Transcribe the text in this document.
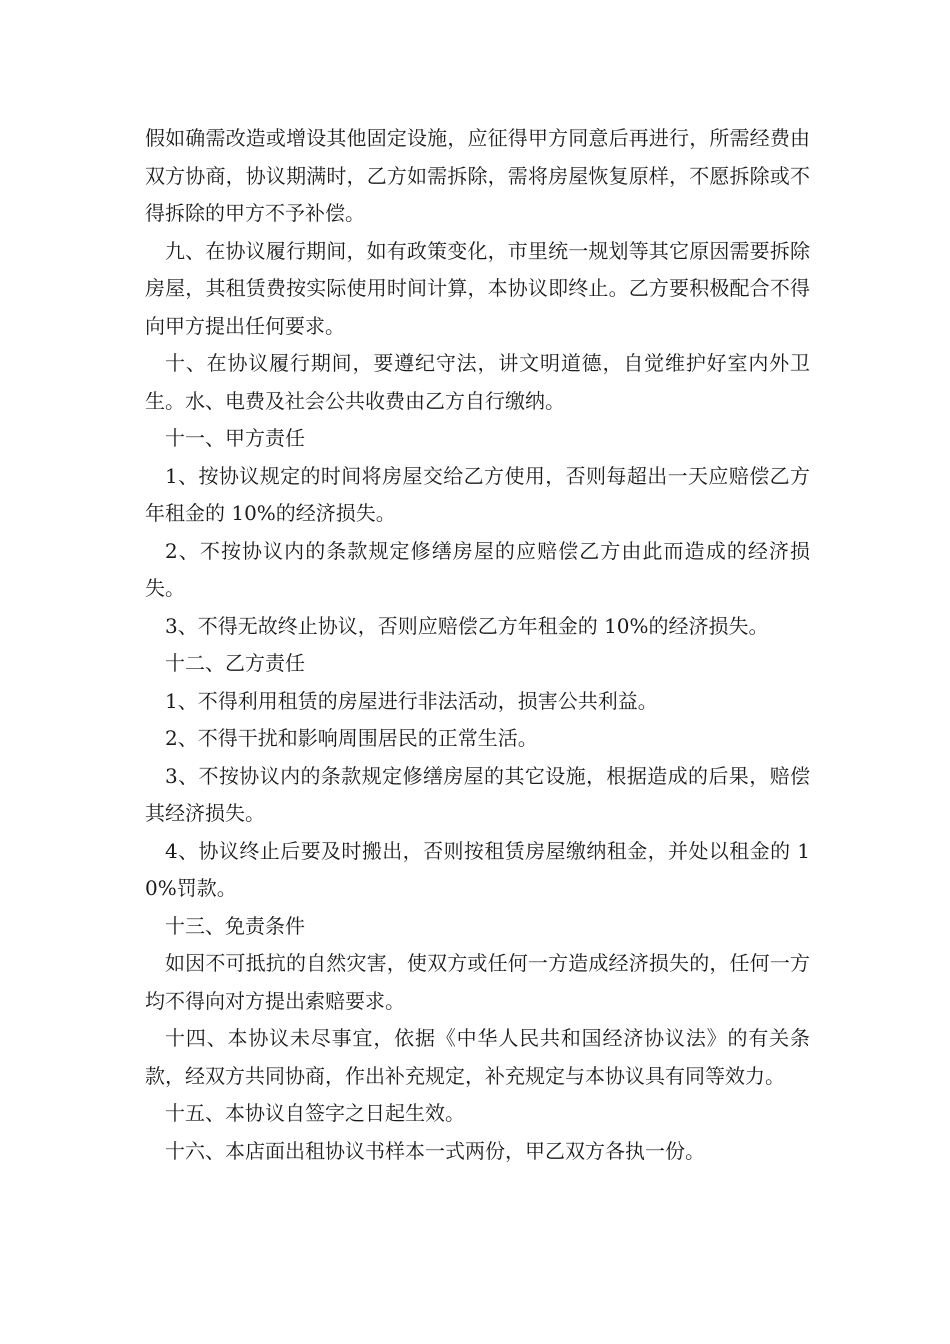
假如确需改造或增设其他固定设施，应征得甲方同意后再进行，所需经费由双方协商，协议期满时，乙方如需拆除，需将房屋恢复原样，不愿拆除或不得拆除的甲方不予补偿。

九、在协议履行期间，如有政策变化，市里统一规划等其它原因需要拆除房屋，其租赁费按实际使用时间计算，本协议即终止。乙方要积极配合不得向甲方提出任何要求。

十、在协议履行期间，要遵纪守法，讲文明道德，自觉维护好室内外卫生。水、电费及社会公共收费由乙方自行缴纳。

十一、甲方责任

1、按协议规定的时间将房屋交给乙方使用，否则每超出一天应赔偿乙方年租金的 10%的经济损失。

2、不按协议内的条款规定修缮房屋的应赔偿乙方由此而造成的经济损失。

3、不得无故终止协议，否则应赔偿乙方年租金的 10%的经济损失。

十二、乙方责任

1、不得利用租赁的房屋进行非法活动，损害公共利益。

2、不得干扰和影响周围居民的正常生活。

3、不按协议内的条款规定修缮房屋的其它设施，根据造成的后果，赔偿其经济损失。

4、协议终止后要及时搬出，否则按租赁房屋缴纳租金，并处以租金的 10%罚款。

十三、免责条件

如因不可抵抗的自然灾害，使双方或任何一方造成经济损失的，任何一方均不得向对方提出索赔要求。

十四、本协议未尽事宜，依据《中华人民共和国经济协议法》的有关条款，经双方共同协商，作出补充规定，补充规定与本协议具有同等效力。

十五、本协议自签字之日起生效。

十六、本店面出租协议书样本一式两份，甲乙双方各执一份。
